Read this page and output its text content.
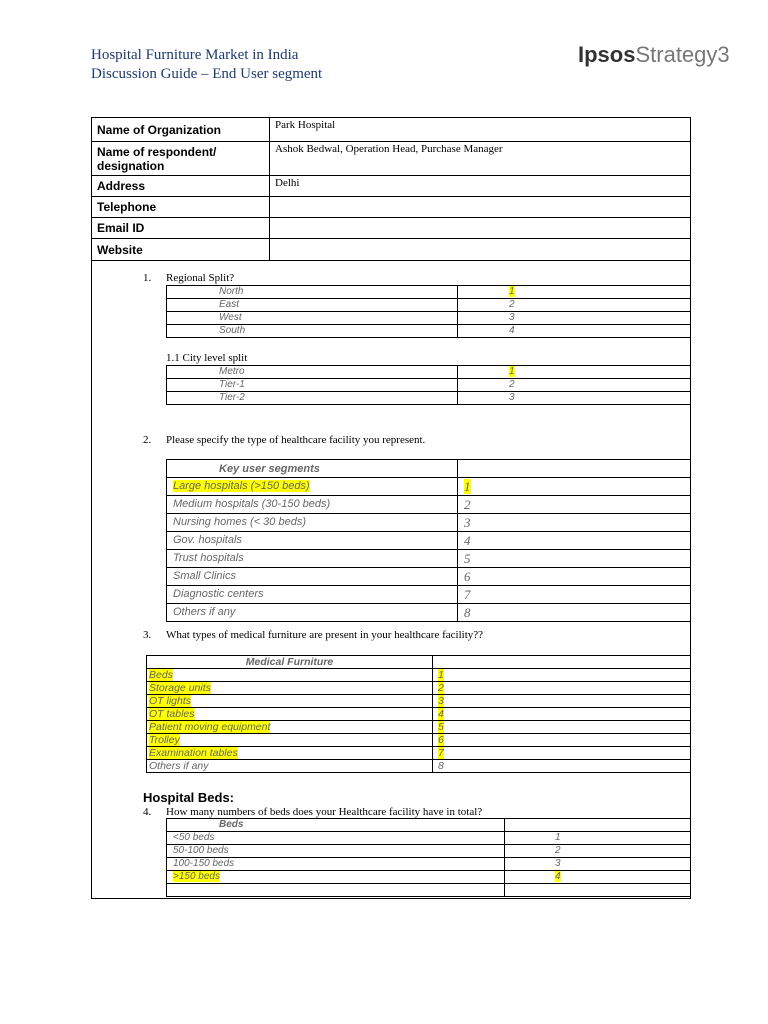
Hospital Furniture Market in India
Discussion Guide – End User segment
IpsosStrategy3
Name of Organization	Park Hospital
Name of respondent/ designation	Ashok Bedwal, Operation Head, Purchase Manager
Address	Delhi
Telephone	
Email ID	
Website	
1. Regional Split?
North	1
East	2
West	3
South	4
1.1 City level split
Metro	1
Tier-1	2
Tier-2	3
2. Please specify the type of healthcare facility you represent.
Key user segments	
Large hospitals (>150 beds)	1
Medium hospitals (30-150 beds)	2
Nursing homes (< 30 beds)	3
Gov. hospitals	4
Trust hospitals	5
Small Clinics	6
Diagnostic centers	7
Others if any	8
3. What types of medical furniture are present in your healthcare facility??
Medical Furniture	
Beds	1
Storage units	2
OT lights	3
OT tables	4
Patient moving equipment	5
Trolley	6
Examination tables	7
Others if any	8
Hospital Beds:
4. How many numbers of beds does your Healthcare facility have in total?
Beds	
<50 beds	1
50-100 beds	2
100-150 beds	3
>150 beds	4
